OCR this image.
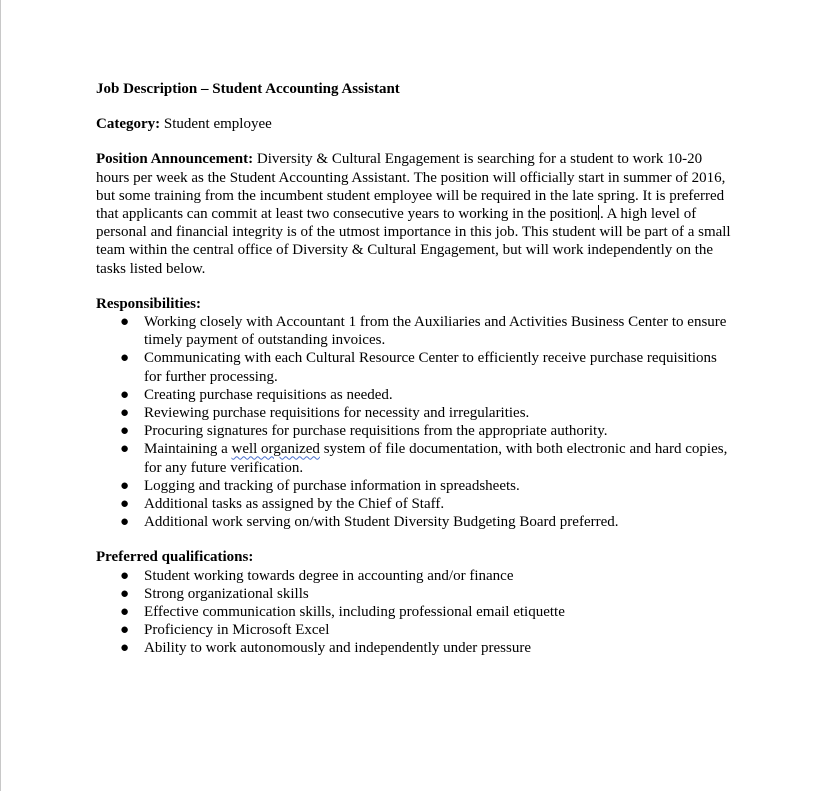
Job Description – Student Accounting Assistant

Category: Student employee

Position Announcement: Diversity & Cultural Engagement is searching for a student to work 10-20 hours per week as the Student Accounting Assistant. The position will officially start in summer of 2016, but some training from the incumbent student employee will be required in the late spring. It is preferred that applicants can commit at least two consecutive years to working in the position . A high level of personal and financial integrity is of the utmost importance in this job. This student will be part of a small team within the central office of Diversity & Cultural Engagement, but will work independently on the tasks listed below.

Responsibilities:

● Working closely with Accountant 1 from the Auxiliaries and Activities Business Center to ensure timely payment of outstanding invoices.
● Communicating with each Cultural Resource Center to efficiently receive purchase requisitions for further processing.
● Creating purchase requisitions as needed.
● Reviewing purchase requisitions for necessity and irregularities.
● Procuring signatures for purchase requisitions from the appropriate authority.
● Maintaining a well organized system of file documentation, with both electronic and hard copies, for any future verification.
● Logging and tracking of purchase information in spreadsheets.
● Additional tasks as assigned by the Chief of Staff.
● Additional work serving on/with Student Diversity Budgeting Board preferred.

Preferred qualifications:

● Student working towards degree in accounting and/or finance
● Strong organizational skills
● Effective communication skills, including professional email etiquette
● Proficiency in Microsoft Excel
● Ability to work autonomously and independently under pressure
